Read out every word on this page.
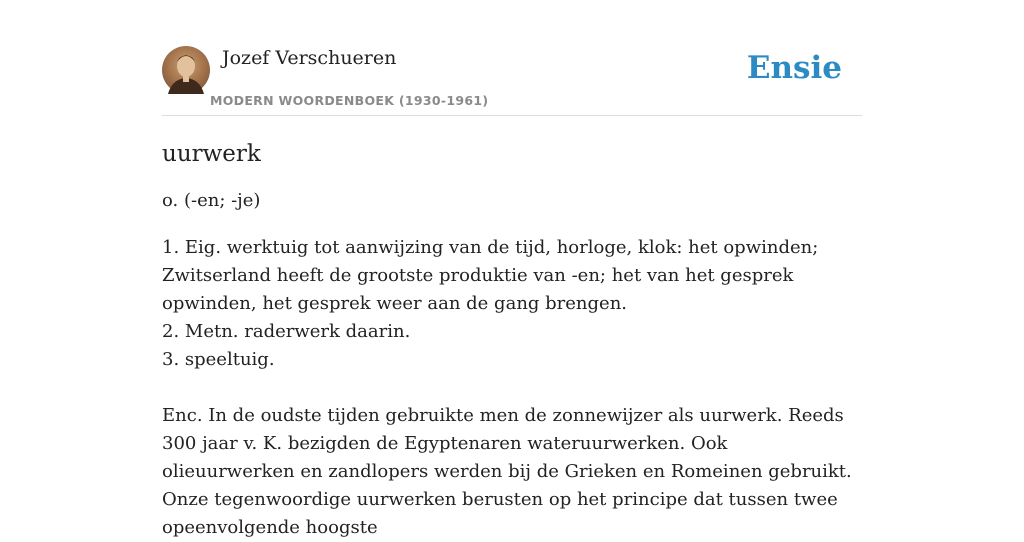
Jozef Verschueren
MODERN WOORDENBOEK (1930-1961)
Ensie
uurwerk

o. (-en; -je)

1. Eig. werktuig tot aanwijzing van de tijd, horloge, klok: het opwinden; Zwitserland heeft de grootste produktie van -en; het van het gesprek opwinden, het gesprek weer aan de gang brengen.
2. Metn. raderwerk daarin.
3. speeltuig.

Enc. In de oudste tijden gebruikte men de zonnewijzer als uurwerk. Reeds 300 jaar v. K. bezigden de Egyptenaren wateruurwerken. Ook olieuurwerken en zandlopers werden bij de Grieken en Romeinen gebruikt. Onze tegenwoordige uurwerken berusten op het principe dat tussen twee opeenvolgende hoogste
